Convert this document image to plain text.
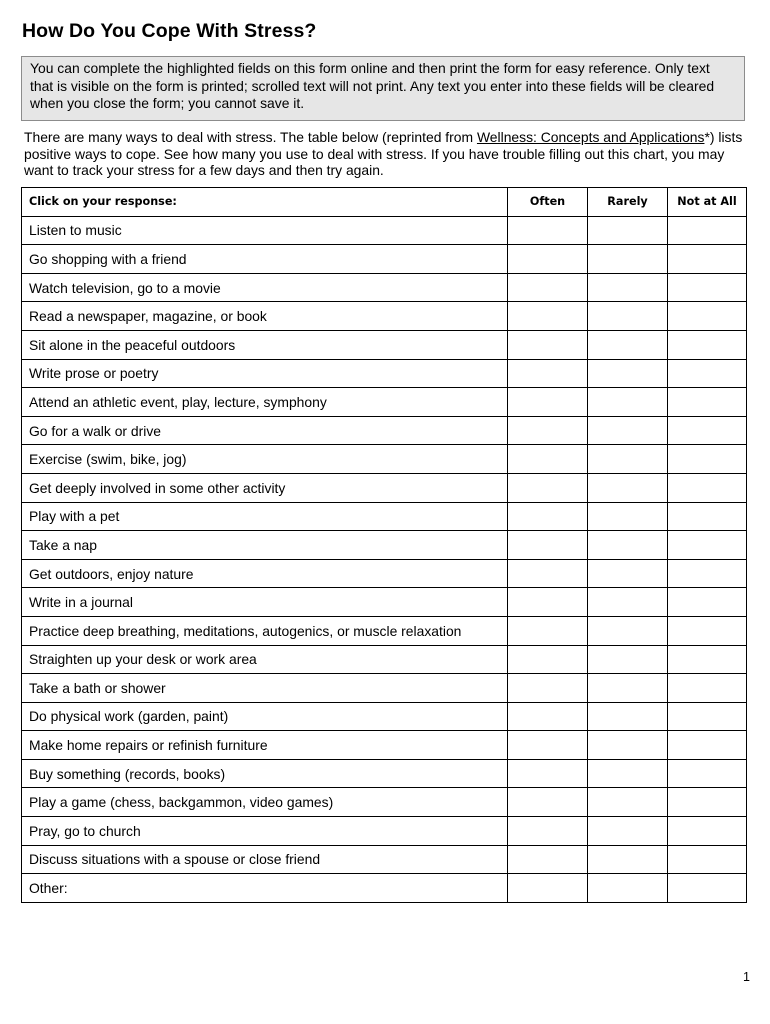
How Do You Cope With Stress?
You can complete the highlighted fields on this form online and then print the form for easy reference. Only text that is visible on the form is printed; scrolled text will not print. Any text you enter into these fields will be cleared when you close the form; you cannot save it.
There are many ways to deal with stress. The table below (reprinted from Wellness: Concepts and Applications*) lists positive ways to cope. See how many you use to deal with stress. If you have trouble filling out this chart, you may want to track your stress for a few days and then try again.
Click on your response:	Often	Rarely	Not at All
Listen to music			
Go shopping with a friend			
Watch television, go to a movie			
Read a newspaper, magazine, or book			
Sit alone in the peaceful outdoors			
Write prose or poetry			
Attend an athletic event, play, lecture, symphony			
Go for a walk or drive			
Exercise (swim, bike, jog)			
Get deeply involved in some other activity			
Play with a pet			
Take a nap			
Get outdoors, enjoy nature			
Write in a journal			
Practice deep breathing, meditations, autogenics, or muscle relaxation			
Straighten up your desk or work area			
Take a bath or shower			
Do physical work (garden, paint)			
Make home repairs or refinish furniture			
Buy something (records, books)			
Play a game (chess, backgammon, video games)			
Pray, go to church			
Discuss situations with a spouse or close friend			
Other:			
1
